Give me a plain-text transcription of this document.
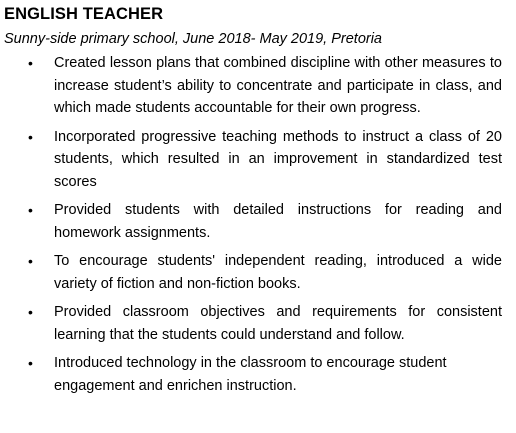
ENGLISH TEACHER

Sunny-side primary school, June 2018- May 2019, Pretoria

• Created lesson plans that combined discipline with other measures to increase student’s ability to concentrate and participate in class, and which made students accountable for their own progress.
• Incorporated progressive teaching methods to instruct a class of 20 students, which resulted in an improvement in standardized test scores
• Provided students with detailed instructions for reading and homework assignments.
• To encourage students' independent reading, introduced a wide variety of fiction and non-fiction books.
• Provided classroom objectives and requirements for consistent learning that the students could understand and follow.
• Introduced technology in the classroom to encourage student engagement and enrichen instruction.
